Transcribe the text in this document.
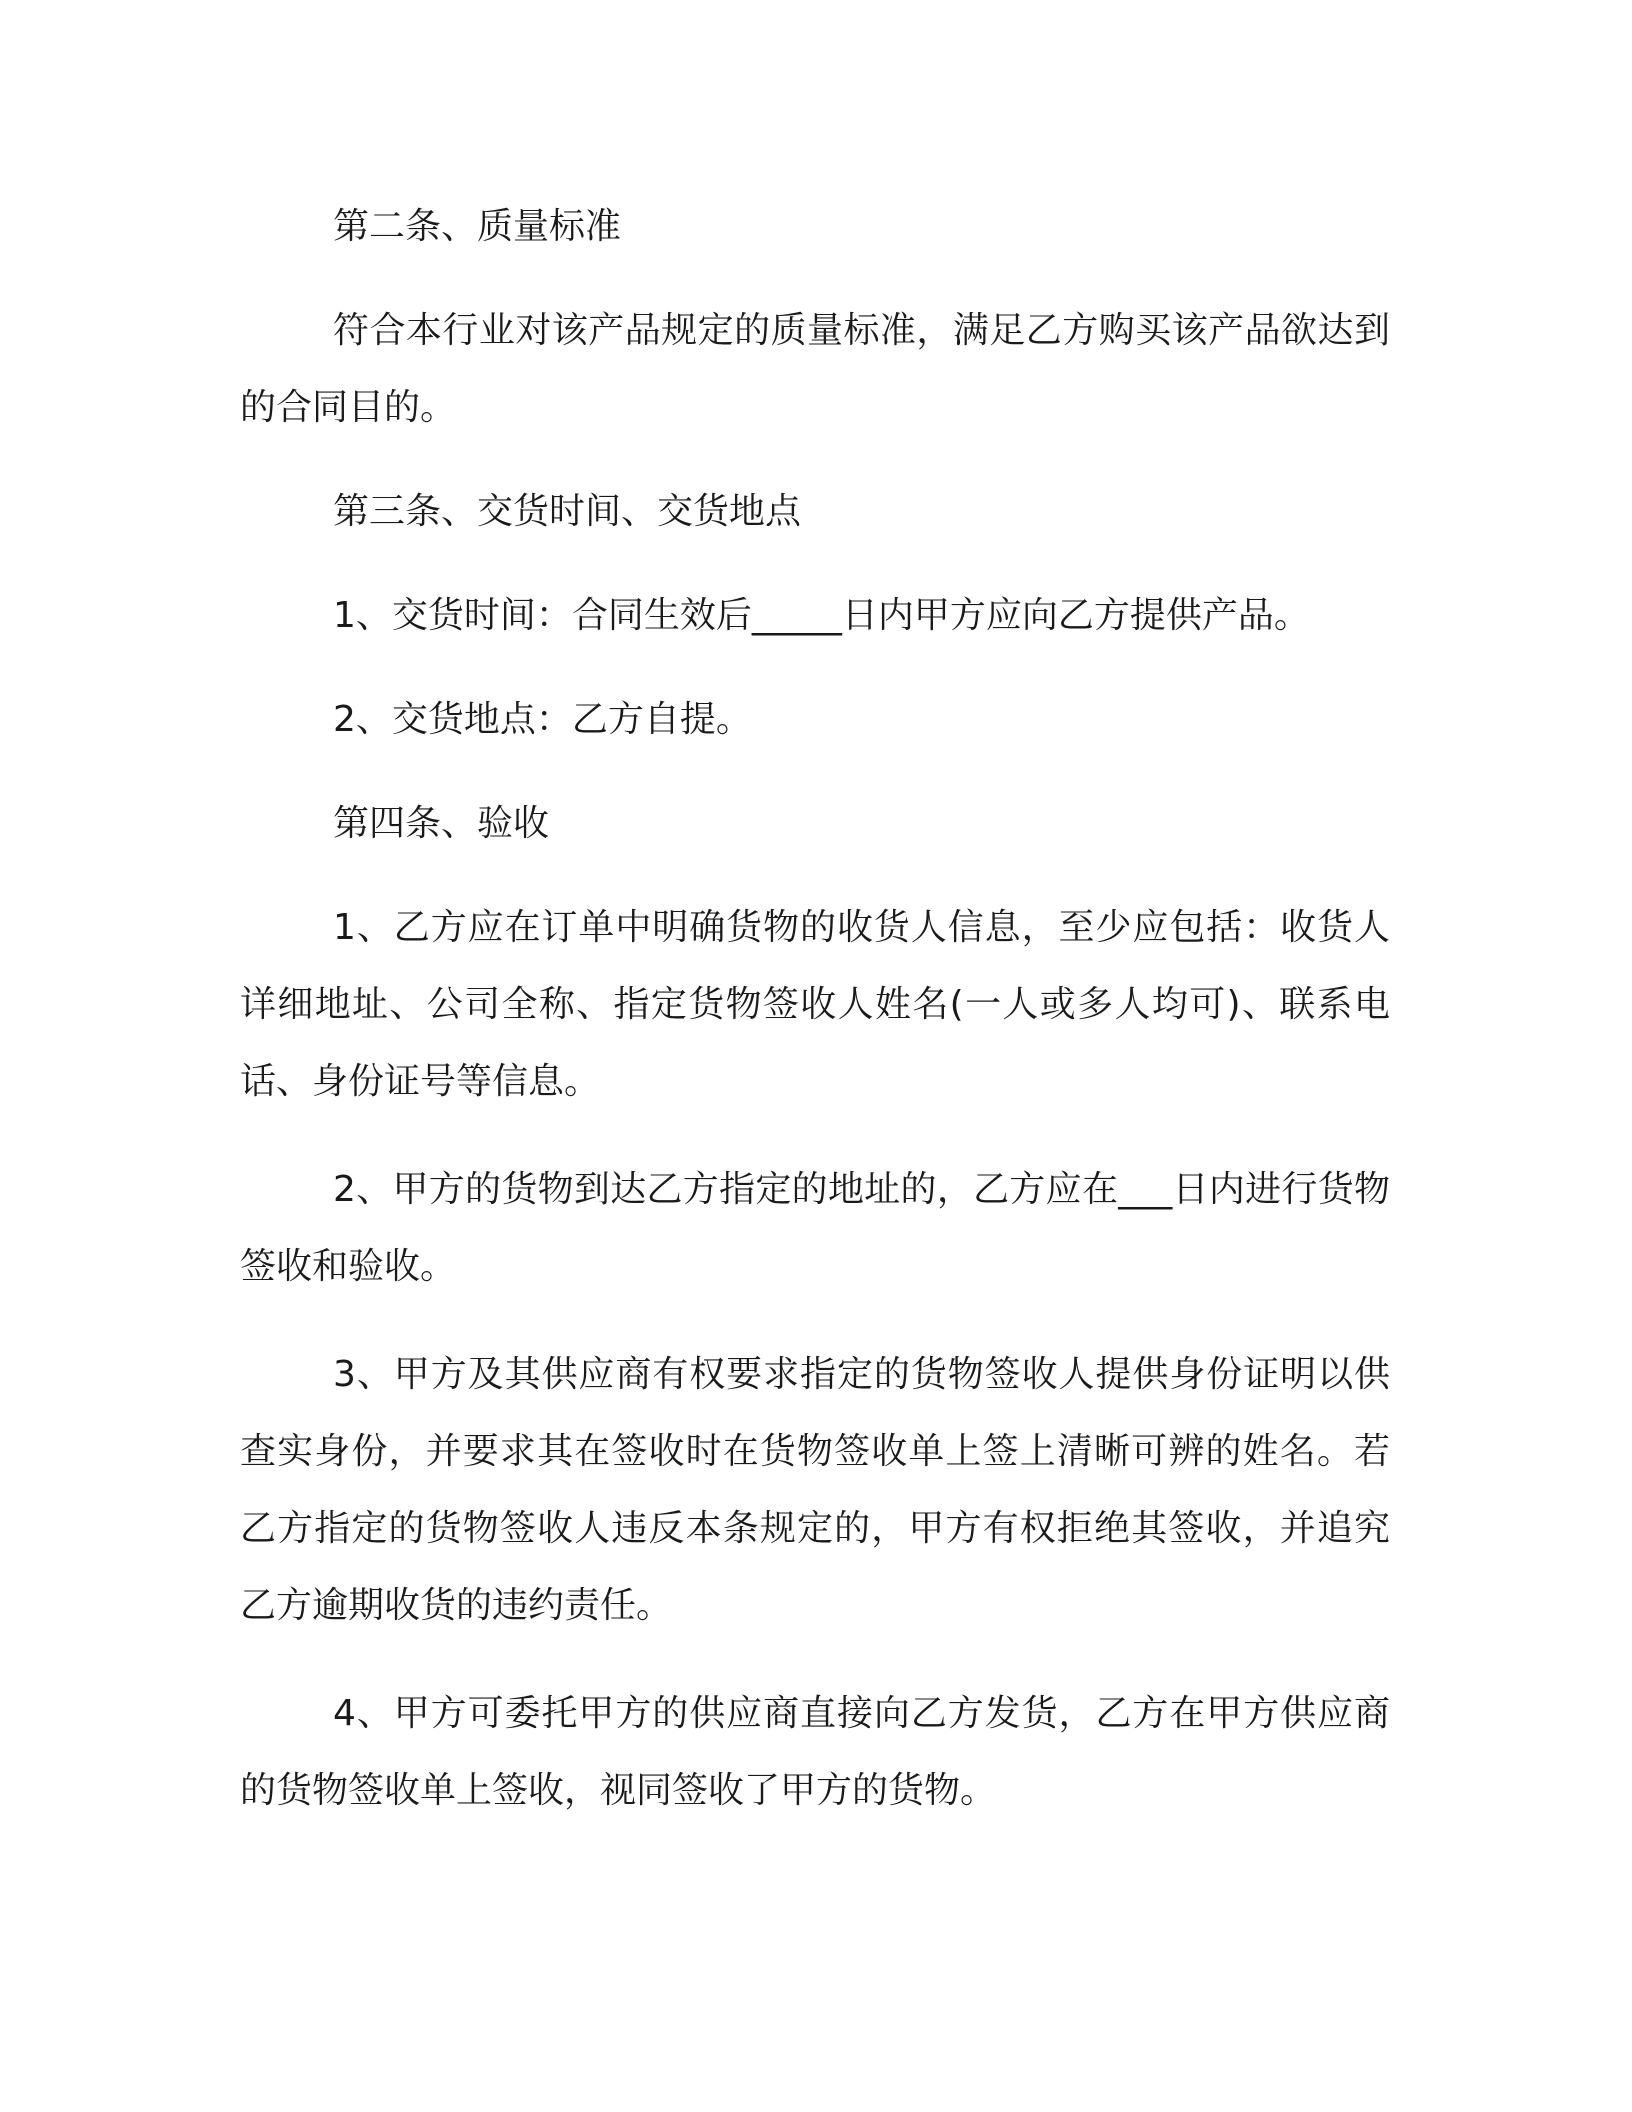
第二条、质量标准

符合本行业对该产品规定的质量标准，满足乙方购买该产品欲达到的合同目的。

第三条、交货时间、交货地点

1、交货时间：合同生效后_____日内甲方应向乙方提供产品。

2、交货地点：乙方自提。

第四条、验收

1、乙方应在订单中明确货物的收货人信息，至少应包括：收货人详细地址、公司全称、指定货物签收人姓名(一人或多人均可)、联系电话、身份证号等信息。

2、甲方的货物到达乙方指定的地址的，乙方应在___日内进行货物签收和验收。

3、甲方及其供应商有权要求指定的货物签收人提供身份证明以供查实身份，并要求其在签收时在货物签收单上签上清晰可辨的姓名。若乙方指定的货物签收人违反本条规定的，甲方有权拒绝其签收，并追究乙方逾期收货的违约责任。

4、甲方可委托甲方的供应商直接向乙方发货，乙方在甲方供应商的货物签收单上签收，视同签收了甲方的货物。
